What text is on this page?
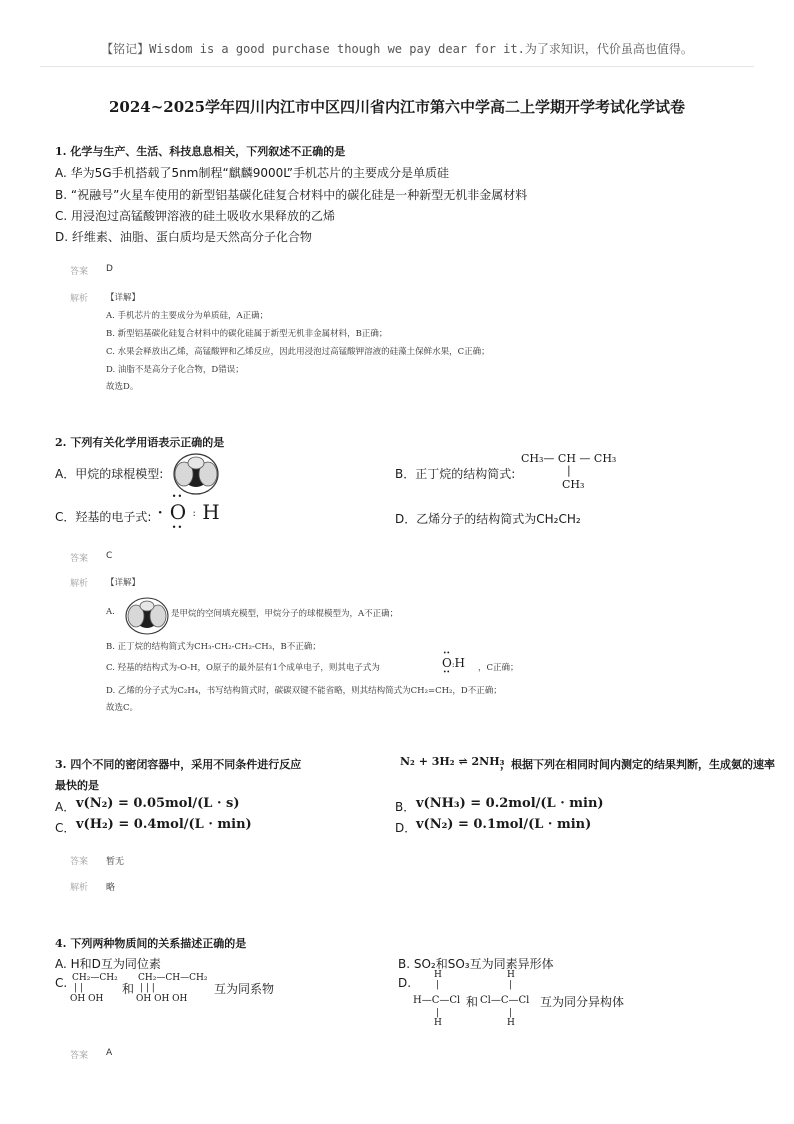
【铭记】Wisdom is a good purchase though we pay dear for it.为了求知识，代价虽高也值得。
2024~2025学年四川内江市中区四川省内江市第六中学高二上学期开学考试化学试卷
1. 化学与生产、生活、科技息息相关，下列叙述不正确的是
A. 华为5G手机搭载了5nm制程“麒麟9000L”手机芯片的主要成分是单质硅
B. “祝融号”火星车使用的新型铝基碳化硅复合材料中的碳化硅是一种新型无机非金属材料
C. 用浸泡过高锰酸钾溶液的硅土吸收水果释放的乙烯
D. 纤维素、油脂、蛋白质均是天然高分子化合物
答案 D
解析 【详解】
A. 手机芯片的主要成分为单质硅，A正确；
B. 新型铝基碳化硅复合材料中的碳化硅属于新型无机非金属材料，B正确；
C. 水果会释放出乙烯，高锰酸钾和乙烯反应，因此用浸泡过高锰酸钾溶液的硅藻土保鲜水果，C正确；
D. 油脂不是高分子化合物，D错误；
故选D。
2. 下列有关化学用语表示正确的是
A．甲烷的球棍模型:	B．正丁烷的结构简式:
CH₃— CH — CH₃
|
CH₃
C．羟基的电子式: ·
••
O
••
: H	D．乙烯分子的结构简式为CH₂CH₂
答案 C
解析 【详解】
A.	是甲烷的空间填充模型，甲烷分子的球棍模型为，A不正确；
B. 正丁烷的结构简式为CH₃-CH₂-CH₂-CH₃，B不正确；
C. 羟基的结构式为-O-H，O原子的最外层有1个成单电子，则其电子式为
••
O
••
:H ，C正确；
D. 乙烯的分子式为C₂H₄，书写结构简式时，碳碳双键不能省略，则其结构简式为CH₂=CH₂，D不正确；
故选C。
3. 四个不同的密闭容器中，采用不同条件进行反应	N₂ + 3H₂ ⇌ 2NH₃
，根据下列在相同时间内测定的结果判断，生成氨的速率
最快的是
A． v(N₂) = 0.05mol/(L · s)	B． v(NH₃) = 0.2mol/(L · min)
C． v(H₂) = 0.4mol/(L · min)	D． v(N₂) = 0.1mol/(L · min)
答案 暂无
解析 略
4. 下列两种物质间的关系描述正确的是
A. H和D互为同位素	B. SO₂和SO₃互为同素异形体
C. CH₂—CH₂
| |
OH OH
和
CH₂—CH—CH₂
| | |
OH OH OH
互为同系物	D.
H
|
H—C—Cl
|
H
和
H
|
Cl—C—Cl
|
H
互为同分异构体
答案 A
